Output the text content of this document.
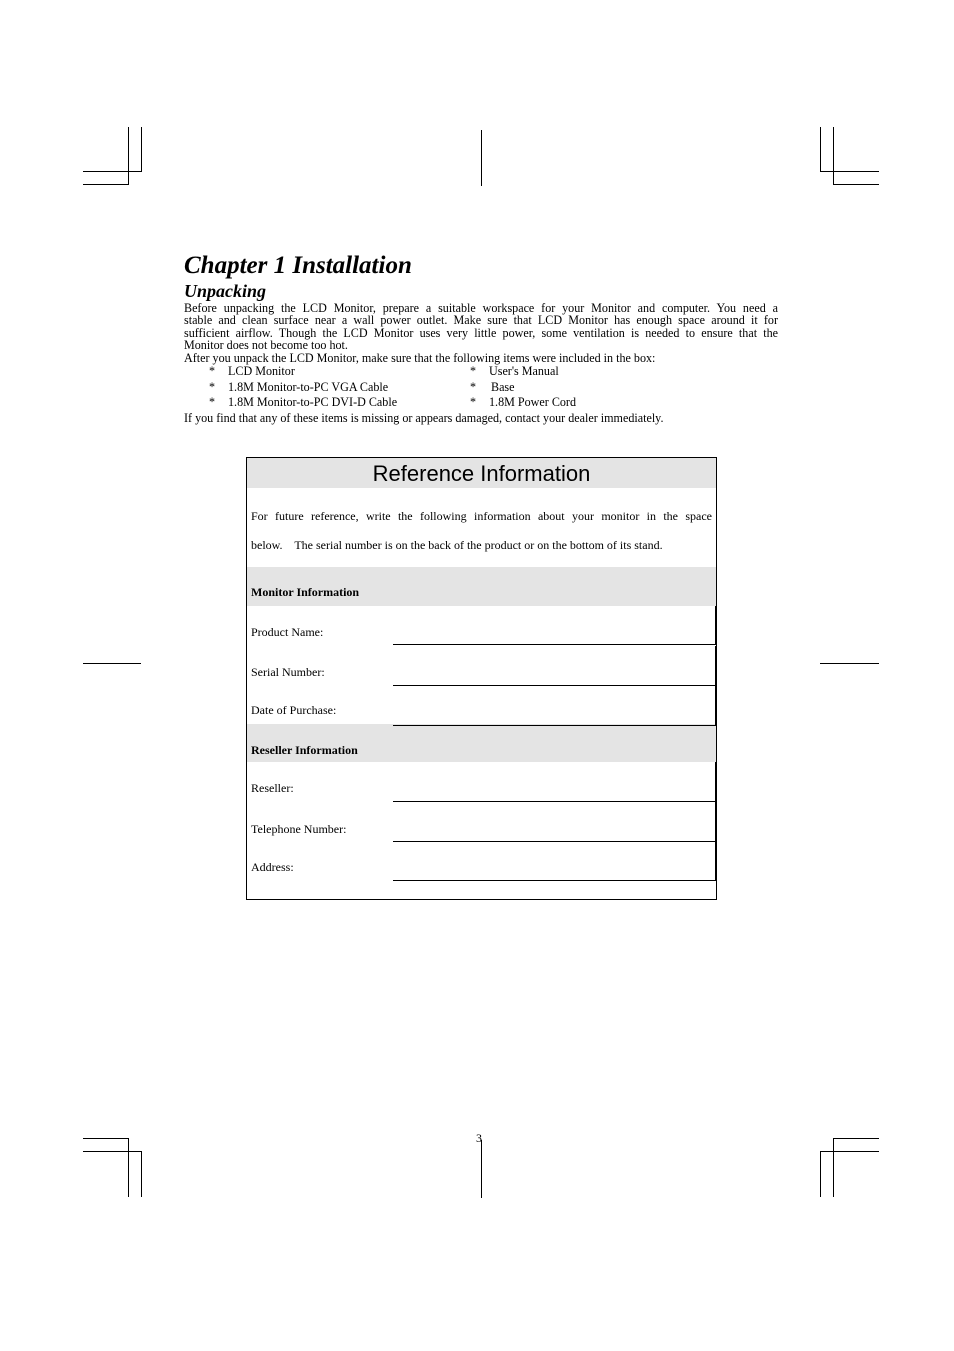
Chapter 1 Installation
Unpacking
Before unpacking the LCD Monitor, prepare a suitable workspace for your Monitor and computer. You need a
stable and clean surface near a wall power outlet. Make sure that LCD Monitor has enough space around it for
sufficient airflow. Though the LCD Monitor uses very little power, some ventilation is needed to ensure that the
Monitor does not become too hot.
After you unpack the LCD Monitor, make sure that the following items were included in the box:
* LCD Monitor
* 1.8M Monitor-to-PC VGA Cable
* 1.8M Monitor-to-PC DVI-D Cable
* User's Manual
* Base
* 1.8M Power Cord
If you find that any of these items is missing or appears damaged, contact your dealer immediately.
Reference Information
For future reference, write the following information about your monitor in the space
below.    The serial number is on the back of the product or on the bottom of its stand.
Monitor Information
Product Name:
Serial Number:
Date of Purchase:
Reseller Information
Reseller:
Telephone Number:
Address:
3
